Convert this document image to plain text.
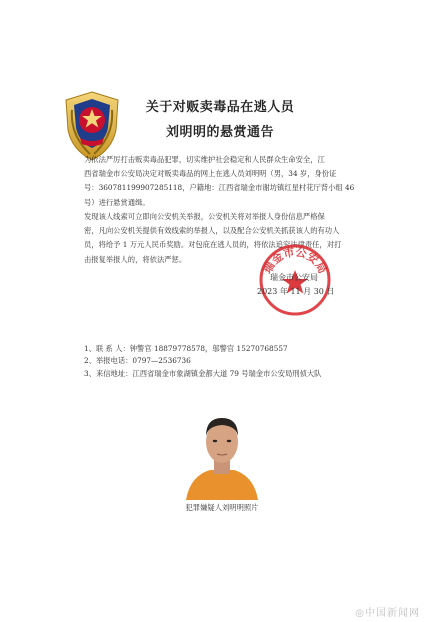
关于对贩卖毒品在逃人员
刘明明的悬赏通告
为依法严厉打击贩卖毒品犯罪，切实维护社会稳定和人民群众生命安全，江
西省瑞金市公安局决定对贩卖毒品的网上在逃人员刘明明（男，34 岁，身份证
号：360781199907285118，户籍地：江西省瑞金市谢坊镇红星村花厅背小组 46
号）进行悬赏通缉。
发现该人线索可立即向公安机关举报，公安机关将对举报人身份信息严格保
密，凡向公安机关提供有效线索的举报人，以及配合公安机关抓获该人的有功人
员，将给予 1 万元人民币奖励。对包庇在逃人员的，将依法追究法律责任，对打
击报复举报人的，将依法严惩。
瑞金市公安局
瑞金市公安局
2023 年 11 月 30 日
1、联 系 人：钟警官 18879778578，邬警官 15270768557
2、举报电话：0797—2536736
3、来信地址：江西省瑞金市象湖镇金都大道 79 号瑞金市公安局刑侦大队
犯罪嫌疑人刘明明照片
◎中国新闻网
